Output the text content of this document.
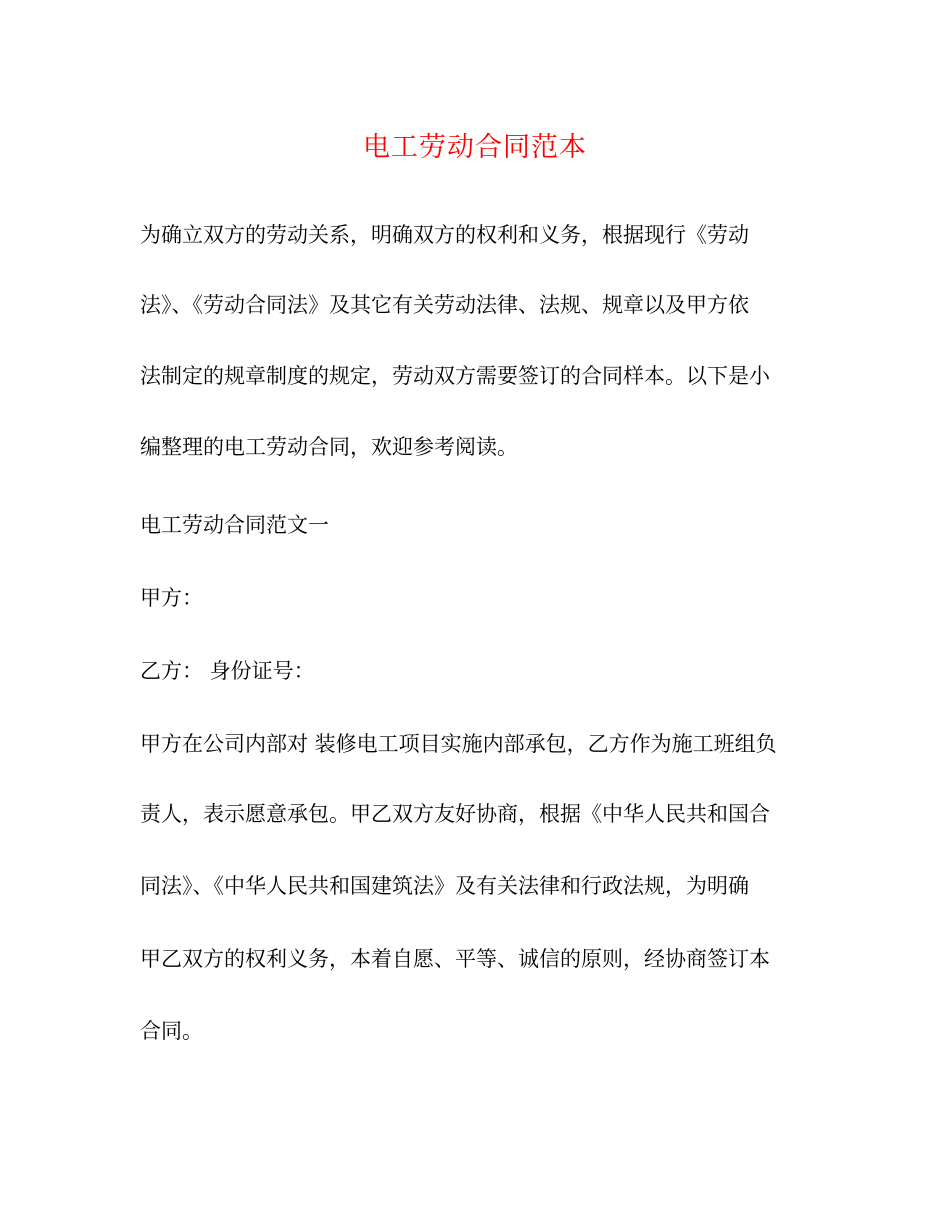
电工劳动合同范本
为确立双方的劳动关系，明确双方的权利和义务，根据现行《劳动
法》、《劳动合同法》及其它有关劳动法律、法规、规章以及甲方依
法制定的规章制度的规定，劳动双方需要签订的合同样本。以下是小
编整理的电工劳动合同，欢迎参考阅读。
电工劳动合同范文一
甲方：
乙方： 身份证号：
甲方在公司内部对 装修电工项目实施内部承包，乙方作为施工班组负
责人，表示愿意承包。甲乙双方友好协商，根据《中华人民共和国合
同法》、《中华人民共和国建筑法》及有关法律和行政法规，为明确
甲乙双方的权利义务，本着自愿、平等、诚信的原则，经协商签订本
合同。
